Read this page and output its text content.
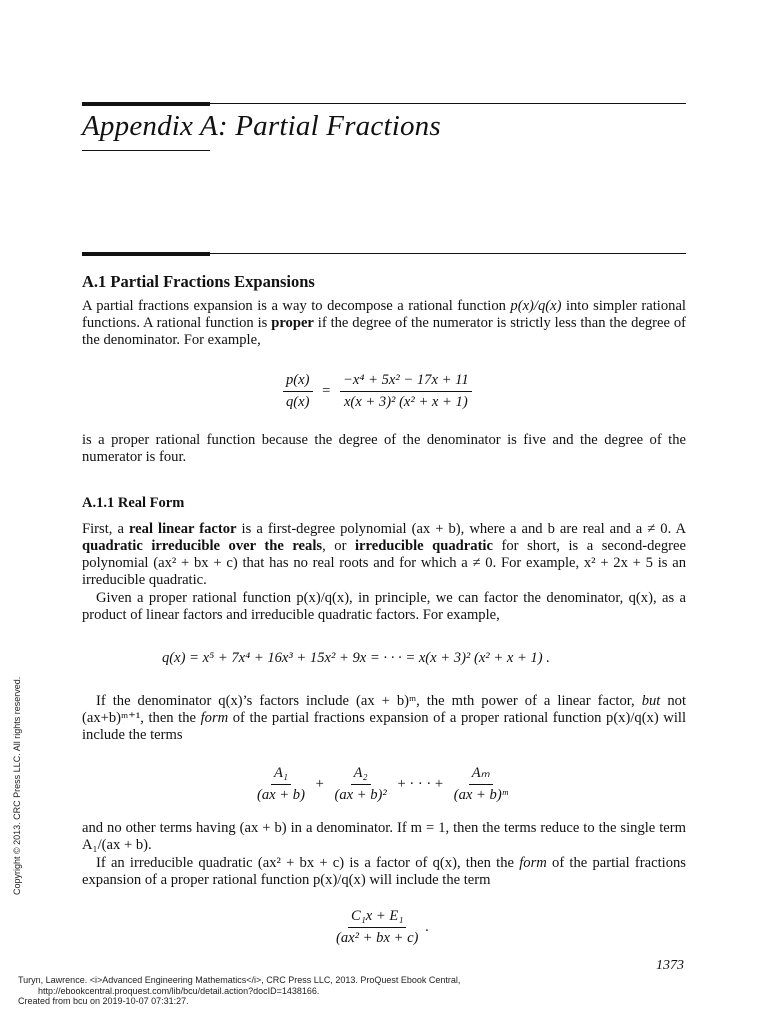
Appendix A: Partial Fractions
A.1 Partial Fractions Expansions
A partial fractions expansion is a way to decompose a rational function p(x)/q(x) into simpler rational functions. A rational function is proper if the degree of the numerator is strictly less than the degree of the denominator. For example,
$\frac{p(x)}{q(x)} = \frac{\text{−x⁴ + 5x² − 17x + 11}}{\text{x(x + 3)² (x² + x + 1)}}$
is a proper rational function because the degree of the denominator is five and the degree of the numerator is four.
A.1.1 Real Form
First, a real linear factor is a first-degree polynomial (ax + b), where a and b are real and a ≠ 0. A quadratic irreducible over the reals, or irreducible quadratic for short, is a second-degree polynomial (ax² + bx + c) that has no real roots and for which a ≠ 0. For example, x² + 2x + 5 is an irreducible quadratic.
Given a proper rational function p(x)/q(x), in principle, we can factor the denominator, q(x), as a product of linear factors and irreducible quadratic factors. For example,
q(x) = x⁵ + 7x⁴ + 16x³ + 15x² + 9x = · · · = x(x + 3)² (x² + x + 1) .
If the denominator q(x)’s factors include (ax + b)ᵐ, the mth power of a linear factor, but not (ax+b)ᵐ⁺¹, then the form of the partial fractions expansion of a proper rational function p(x)/q(x) will include the terms
$\frac{\text{A₁}}{(ax + b)} + \frac{\text{A₂}}{\text{(ax + b)²}}$ + · · · + $\frac{\text{Aₘ}}{\text{(ax + b)ᵐ}}$
and no other terms having (ax + b) in a denominator. If m = 1, then the terms reduce to the single term A₁/(ax + b).
If an irreducible quadratic (ax² + bx + c) is a factor of q(x), then the form of the partial fractions expansion of a proper rational function p(x)/q(x) will include the term
$\frac{\text{C₁x + E₁}}{\text{(ax² + bx + c)}}$ .
1373
Copyright © 2013. CRC Press LLC. All rights reserved.
Turyn, Lawrence. <i>Advanced Engineering Mathematics</i>, CRC Press LLC, 2013. ProQuest Ebook Central,
http://ebookcentral.proquest.com/lib/bcu/detail.action?docID=1438166.
Created from bcu on 2019-10-07 07:31:27.
